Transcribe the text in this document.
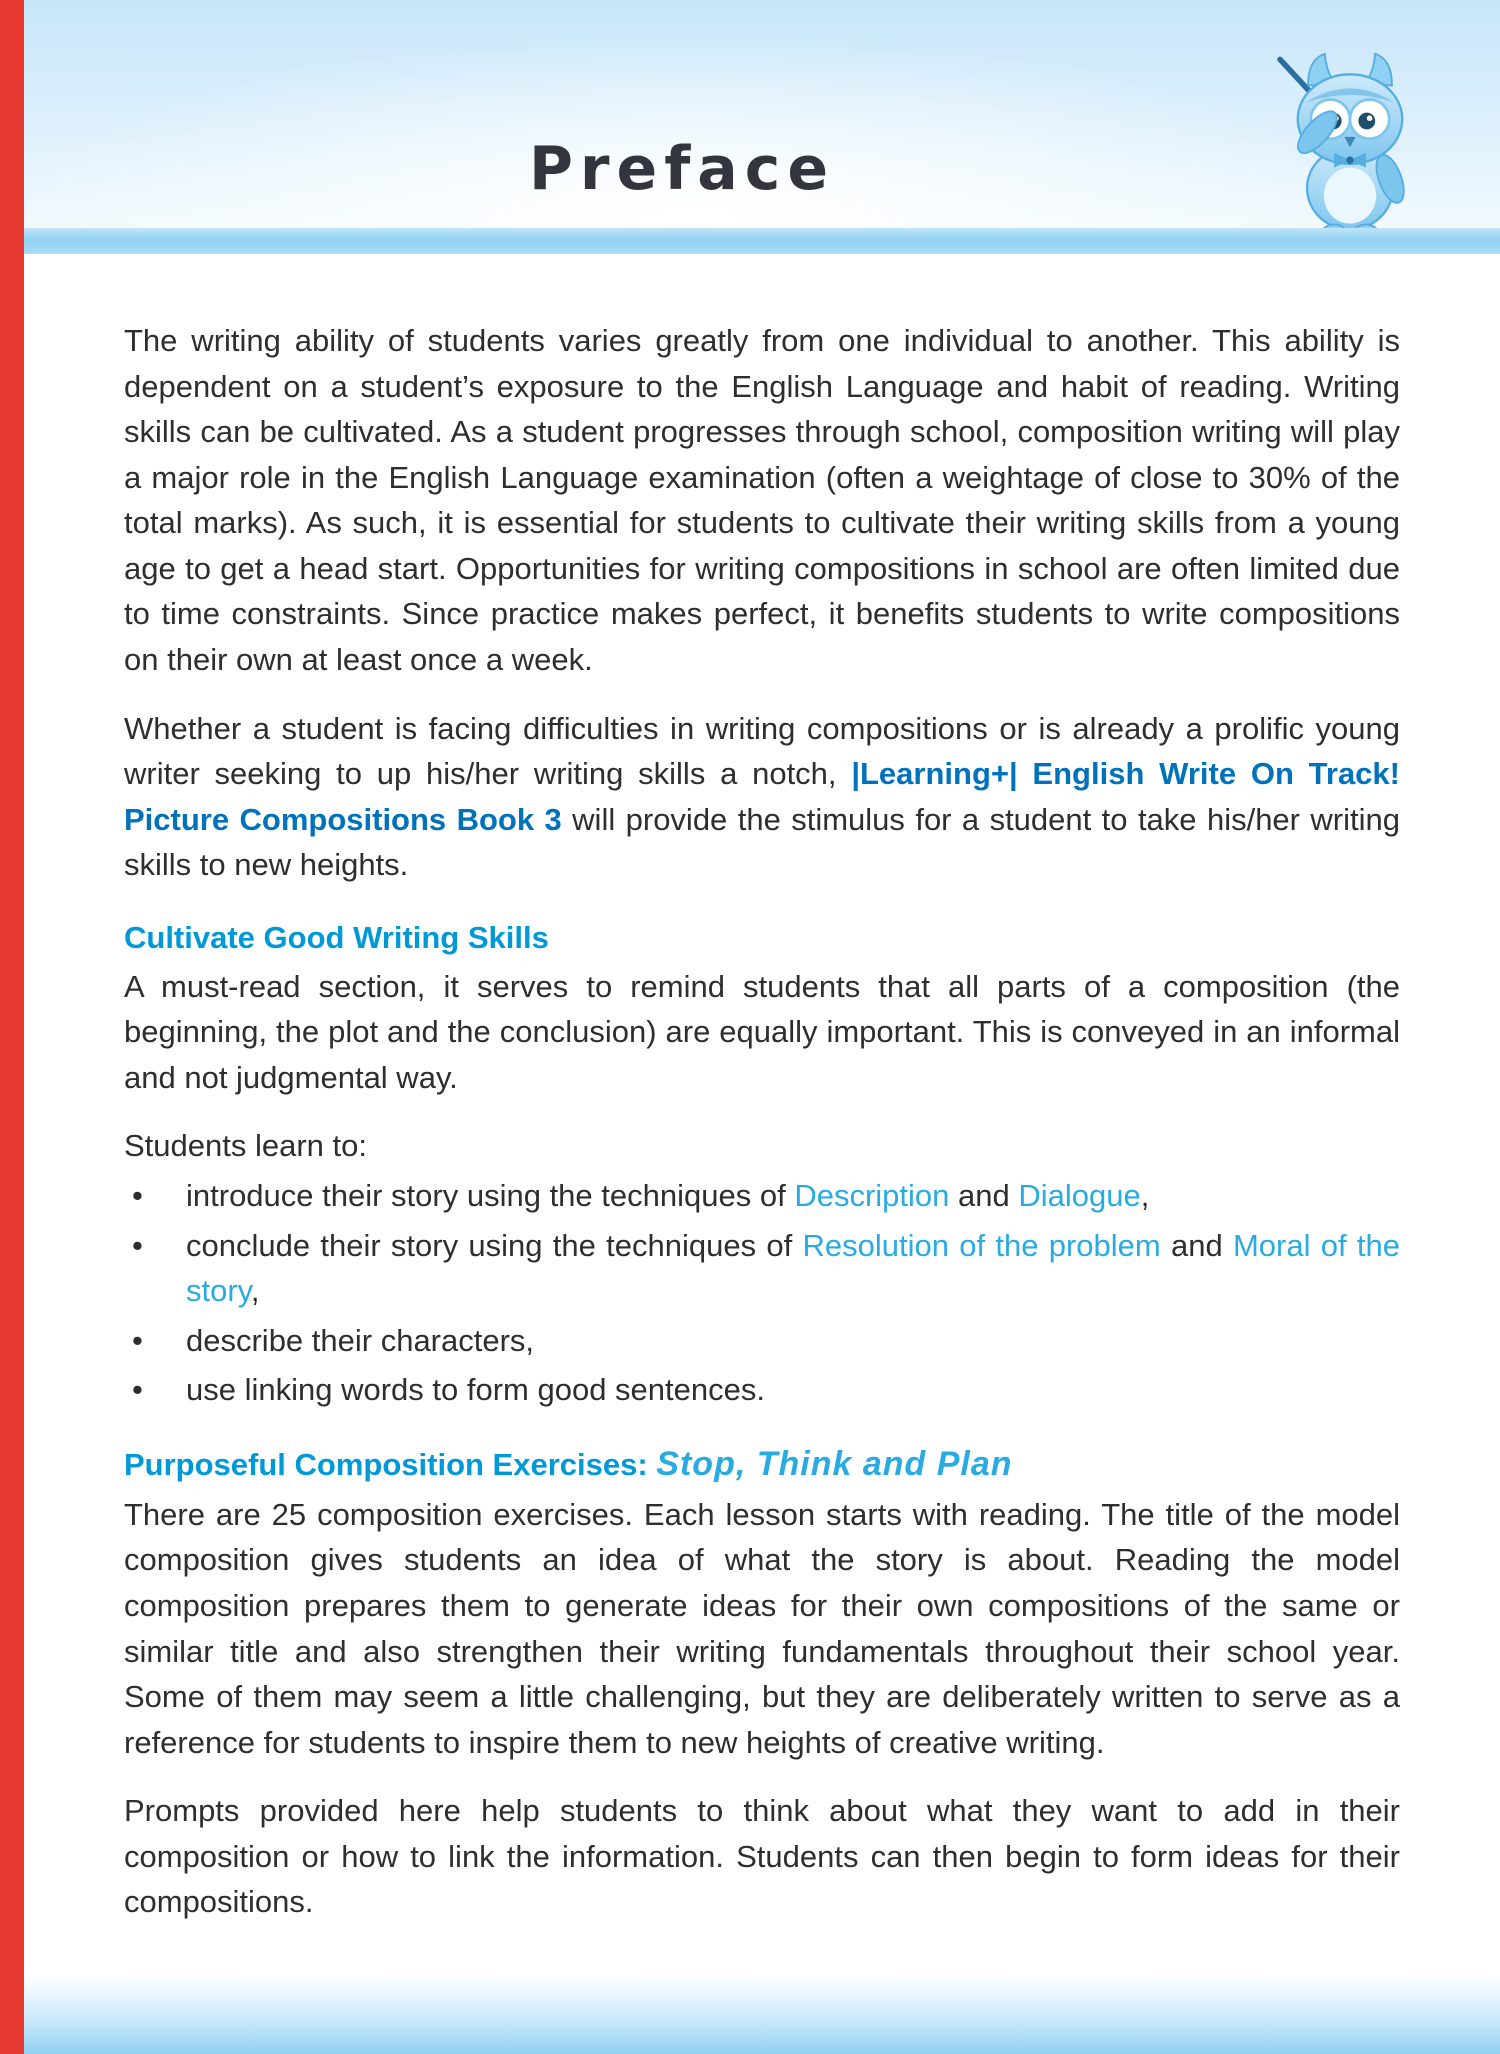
Preface

The writing ability of students varies greatly from one individual to another. This ability is dependent on a student’s exposure to the English Language and habit of reading. Writing skills can be cultivated. As a student progresses through school, composition writing will play a major role in the English Language examination (often a weightage of close to 30% of the total marks). As such, it is essential for students to cultivate their writing skills from a young age to get a head start. Opportunities for writing compositions in school are often limited due to time constraints. Since practice makes perfect, it benefits students to write compositions on their own at least once a week.

Whether a student is facing difficulties in writing compositions or is already a prolific young writer seeking to up his/her writing skills a notch, |Learning+| English Write On Track! Picture Compositions Book 3 will provide the stimulus for a student to take his/her writing skills to new heights.

Cultivate Good Writing Skills

A must-read section, it serves to remind students that all parts of a composition (the beginning, the plot and the conclusion) are equally important. This is conveyed in an informal and not judgmental way.

Students learn to:

• introduce their story using the techniques of Description and Dialogue,
• conclude their story using the techniques of Resolution of the problem and Moral of the story,
• describe their characters,
• use linking words to form good sentences.
Purposeful Composition Exercises: Stop, Think and Plan

There are 25 composition exercises. Each lesson starts with reading. The title of the model composition gives students an idea of what the story is about. Reading the model composition prepares them to generate ideas for their own compositions of the same or similar title and also strengthen their writing fundamentals throughout their school year. Some of them may seem a little challenging, but they are deliberately written to serve as a reference for students to inspire them to new heights of creative writing.

Prompts provided here help students to think about what they want to add in their composition or how to link the information. Students can then begin to form ideas for their compositions.
